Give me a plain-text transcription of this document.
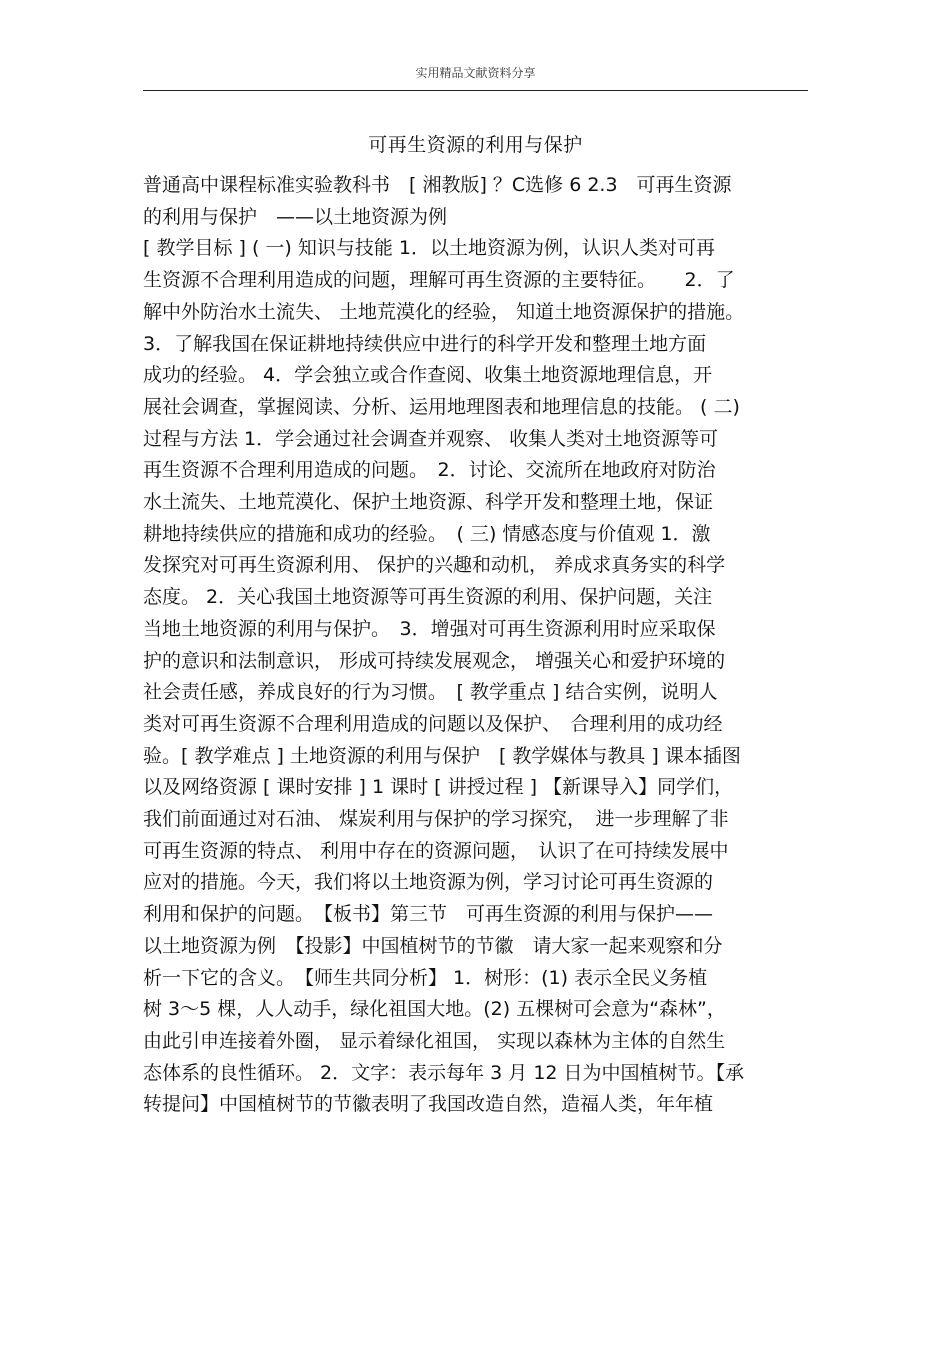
实用精品文献资料分享
可再生资源的利用与保护
普通高中课程标准实验教科书　[ 湘教版] ？C选修 6 2.3　可再生资源
的利用与保护　——以土地资源为例
[ 教学目标 ] ( 一) 知识与技能 1．以土地资源为例，认识人类对可再
生资源不合理利用造成的问题，理解可再生资源的主要特征。　　2．了
解中外防治水土流失、 土地荒漠化的经验， 知道土地资源保护的措施。
3．了解我国在保证耕地持续供应中进行的科学开发和整理土地方面
成功的经验。 4．学会独立或合作查阅、收集土地资源地理信息，开
展社会调查，掌握阅读、分析、运用地理图表和地理信息的技能。 ( 二)
过程与方法 1．学会通过社会调查并观察、 收集人类对土地资源等可
再生资源不合理利用造成的问题。　2．讨论、交流所在地政府对防治
水土流失、土地荒漠化、保护土地资源、科学开发和整理土地，保证
耕地持续供应的措施和成功的经验。　( 三) 情感态度与价值观 1．激
发探究对可再生资源利用、 保护的兴趣和动机， 养成求真务实的科学
态度。 2．关心我国土地资源等可再生资源的利用、保护问题，关注
当地土地资源的利用与保护。　3．增强对可再生资源利用时应采取保
护的意识和法制意识， 形成可持续发展观念， 增强关心和爱护环境的
社会责任感，养成良好的行为习惯。　[ 教学重点 ] 结合实例，说明人
类对可再生资源不合理利用造成的问题以及保护、　合理利用的成功经
验。[ 教学难点 ] 土地资源的利用与保护　[ 教学媒体与教具 ] 课本插图
以及网络资源 [ 课时安排 ] 1 课时 [ 讲授过程 ] 【新课导入】同学们，
我们前面通过对石油、 煤炭利用与保护的学习探究，　进一步理解了非
可再生资源的特点、 利用中存在的资源问题，　认识了在可持续发展中
应对的措施。今天，我们将以土地资源为例，学习讨论可再生资源的
利用和保护的问题。　【板书】第三节　可再生资源的利用与保护——
以土地资源为例　【投影】中国植树节的节徽　请大家一起来观察和分
析一下它的含义。　【师生共同分析】 1．树形：(1) 表示全民义务植
树 3～5 棵，人人动手，绿化祖国大地。(2) 五棵树可会意为“森林”，
由此引申连接着外圈， 显示着绿化祖国， 实现以森林为主体的自然生
态体系的良性循环。 2．文字：表示每年 3 月 12 日为中国植树节。【承
转提问】中国植树节的节徽表明了我国改造自然，造福人类，年年植
